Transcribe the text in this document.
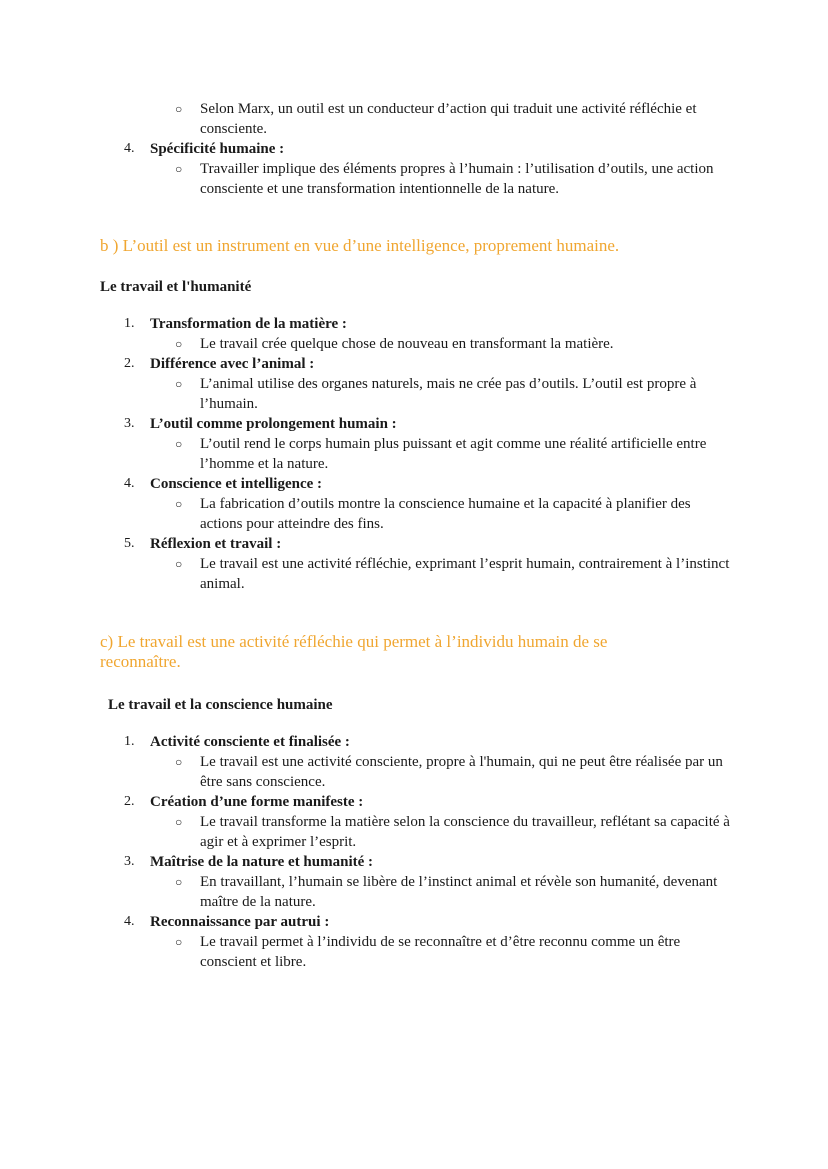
○ Selon Marx, un outil est un conducteur d’action qui traduit une activité réfléchie et consciente.
4. Spécificité humaine :
○ Travailler implique des éléments propres à l’humain : l’utilisation d’outils, une action consciente et une transformation intentionnelle de la nature.
b ) L’outil est un instrument en vue d’une intelligence, proprement humaine.
Le travail et l'humanité
1. Transformation de la matière :
○ Le travail crée quelque chose de nouveau en transformant la matière.
2. Différence avec l’animal :
○ L’animal utilise des organes naturels, mais ne crée pas d’outils. L’outil est propre à l’humain.
3. L’outil comme prolongement humain :
○ L’outil rend le corps humain plus puissant et agit comme une réalité artificielle entre l’homme et la nature.
4. Conscience et intelligence :
○ La fabrication d’outils montre la conscience humaine et la capacité à planifier des actions pour atteindre des fins.
5. Réflexion et travail :
○ Le travail est une activité réfléchie, exprimant l’esprit humain, contrairement à l’instinct animal.
c) Le travail est une activité réfléchie qui permet à l’individu humain de se reconnaître.
Le travail et la conscience humaine
1. Activité consciente et finalisée :
○ Le travail est une activité consciente, propre à l'humain, qui ne peut être réalisée par un être sans conscience.
2. Création d’une forme manifeste :
○ Le travail transforme la matière selon la conscience du travailleur, reflétant sa capacité à agir et à exprimer l’esprit.
3. Maîtrise de la nature et humanité :
○ En travaillant, l’humain se libère de l’instinct animal et révèle son humanité, devenant maître de la nature.
4. Reconnaissance par autrui :
○ Le travail permet à l’individu de se reconnaître et d’être reconnu comme un être conscient et libre.
